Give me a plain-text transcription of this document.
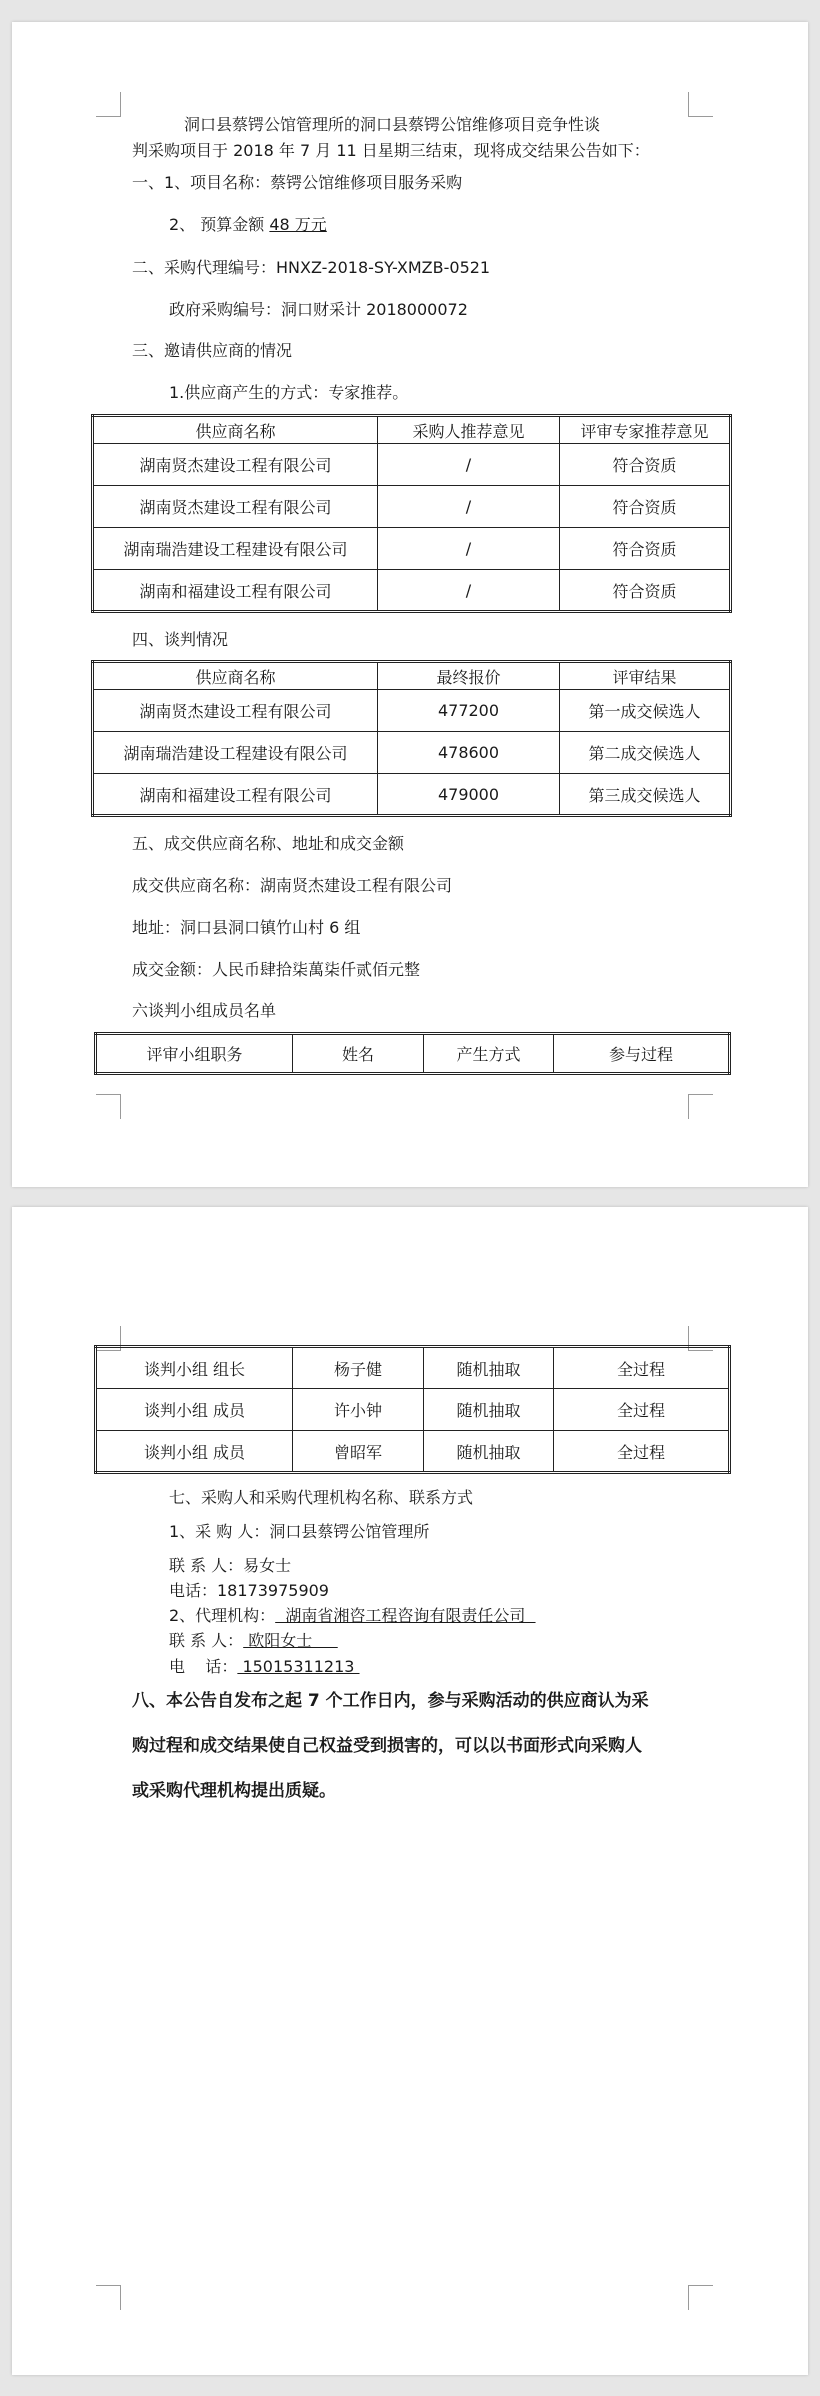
洞口县蔡锷公馆管理所的洞口县蔡锷公馆维修项目竞争性谈
判采购项目于 2018 年 7 月 11 日星期三结束，现将成交结果公告如下：
一、1、项目名称：蔡锷公馆维修项目服务采购
2、 预算金额 48 万元
二、采购代理编号：HNXZ-2018-SY-XMZB-0521
政府采购编号：洞口财采计 2018000072
三、邀请供应商的情况
1.供应商产生的方式：专家推荐。
供应商名称	采购人推荐意见	评审专家推荐意见
湖南贤杰建设工程有限公司	/	符合资质
湖南贤杰建设工程有限公司	/	符合资质
湖南瑞浩建设工程建设有限公司	/	符合资质
湖南和福建设工程有限公司	/	符合资质
四、谈判情况
供应商名称	最终报价	评审结果
湖南贤杰建设工程有限公司	477200	第一成交候选人
湖南瑞浩建设工程建设有限公司	478600	第二成交候选人
湖南和福建设工程有限公司	479000	第三成交候选人
五、成交供应商名称、地址和成交金额
成交供应商名称：湖南贤杰建设工程有限公司
地址：洞口县洞口镇竹山村 6 组
成交金额：人民币肆拾柒萬柒仟贰佰元整
六谈判小组成员名单
评审小组职务	姓名	产生方式	参与过程
谈判小组 组长	杨子健	随机抽取	全过程
谈判小组 成员	许小钟	随机抽取	全过程
谈判小组 成员	曾昭军	随机抽取	全过程
七、采购人和采购代理机构名称、联系方式
1、采 购 人：洞口县蔡锷公馆管理所
联 系 人：易女士
电话：18173975909
2、代理机构：  湖南省湘咨工程咨询有限责任公司
联 系 人： 欧阳女士
电    话： 15015311213
八、本公告自发布之起 7 个工作日内，参与采购活动的供应商认为采
购过程和成交结果使自己权益受到损害的，可以以书面形式向采购人
或采购代理机构提出质疑。
